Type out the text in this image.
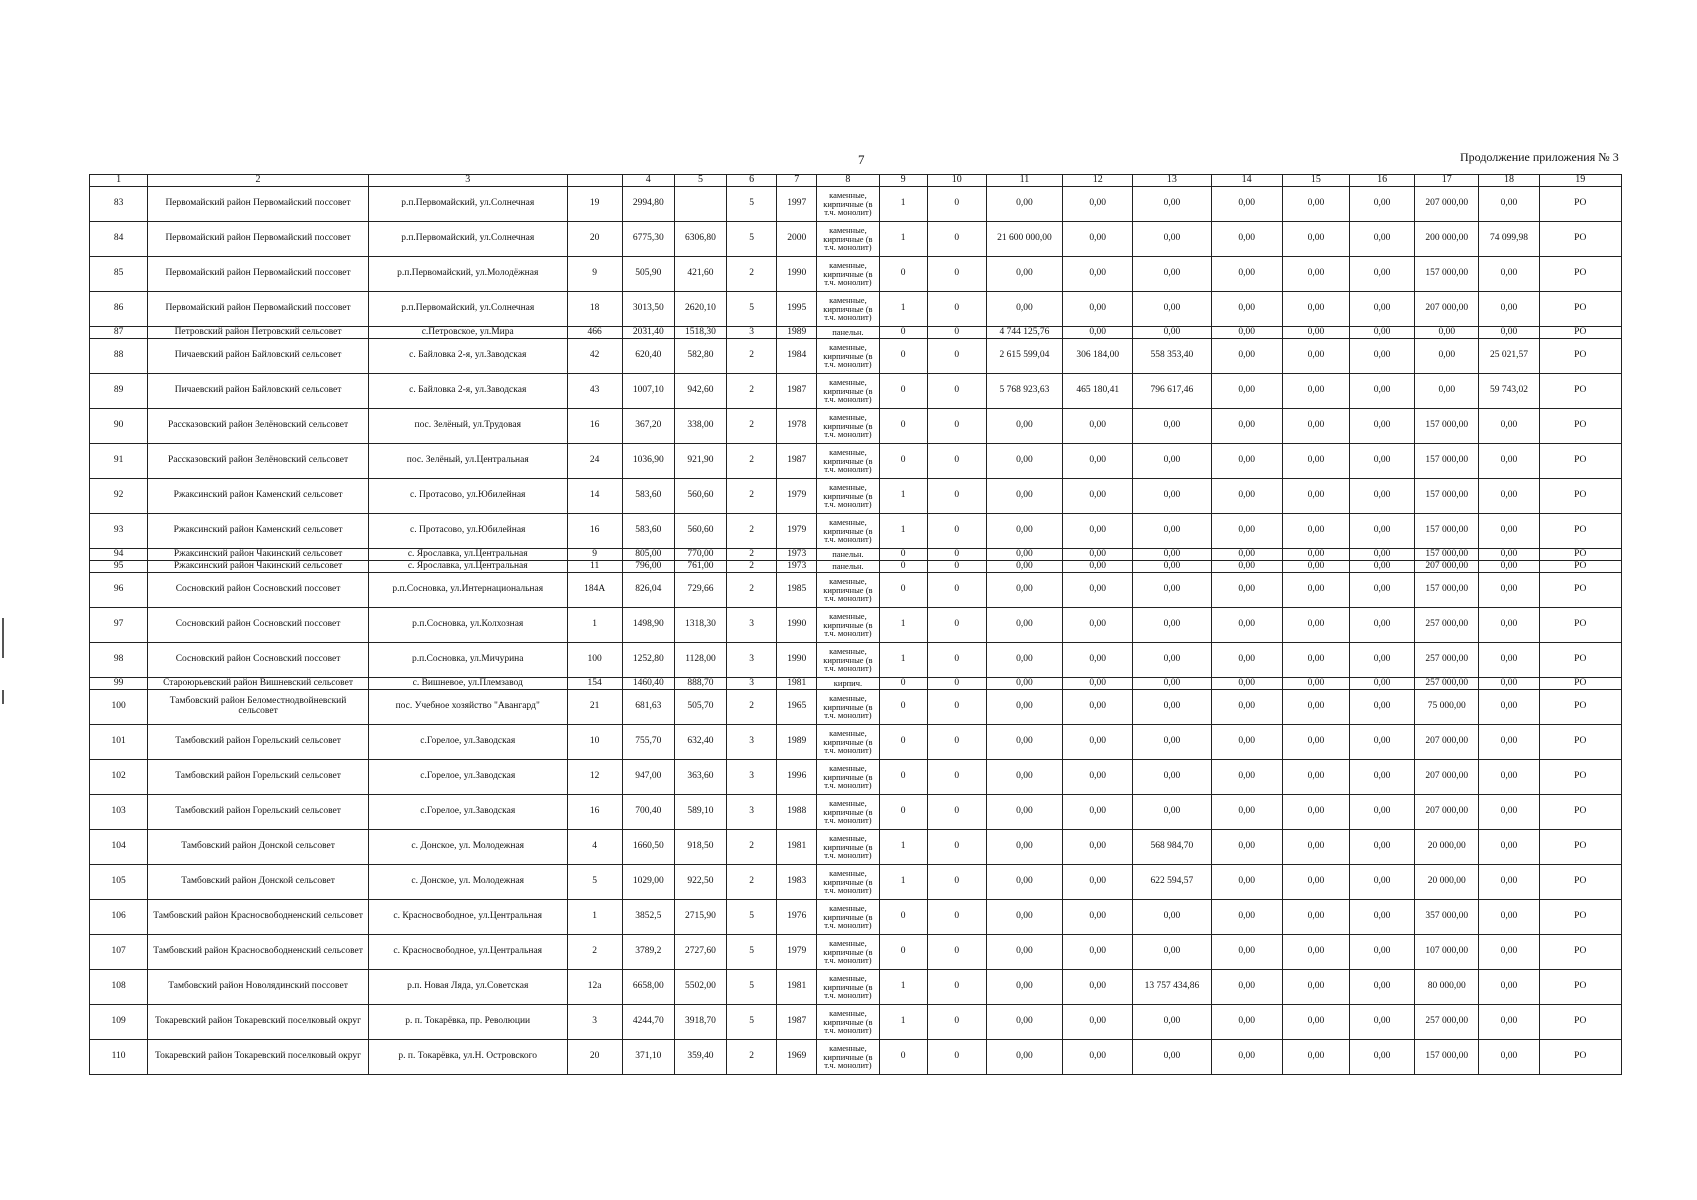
7	Продолжение приложения № 3
1	2	3		4	5	6	7	8	9	10	11	12	13	14	15	16	17	18	19
83	Первомайский район Первомайский поссовет	р.п.Первомайский, ул.Солнечная	19	2994,80		5	1997	каменные, кирпичные (в т.ч. монолит)	1	0	0,00	0,00	0,00	0,00	0,00	0,00	207 000,00	0,00	РО
84	Первомайский район Первомайский поссовет	р.п.Первомайский, ул.Солнечная	20	6775,30	6306,80	5	2000	каменные, кирпичные (в т.ч. монолит)	1	0	21 600 000,00	0,00	0,00	0,00	0,00	0,00	200 000,00	74 099,98	РО
85	Первомайский район Первомайский поссовет	р.п.Первомайский, ул.Молодёжная	9	505,90	421,60	2	1990	каменные, кирпичные (в т.ч. монолит)	0	0	0,00	0,00	0,00	0,00	0,00	0,00	157 000,00	0,00	РО
86	Первомайский район Первомайский поссовет	р.п.Первомайский, ул.Солнечная	18	3013,50	2620,10	5	1995	каменные, кирпичные (в т.ч. монолит)	1	0	0,00	0,00	0,00	0,00	0,00	0,00	207 000,00	0,00	РО
87	Петровский район Петровский сельсовет	с.Петровское, ул.Мира	466	2031,40	1518,30	3	1989	панельн.	0	0	4 744 125,76	0,00	0,00	0,00	0,00	0,00	0,00	0,00	РО
88	Пичаевский район Байловский сельсовет	с. Байловка 2-я, ул.Заводская	42	620,40	582,80	2	1984	каменные, кирпичные (в т.ч. монолит)	0	0	2 615 599,04	306 184,00	558 353,40	0,00	0,00	0,00	0,00	25 021,57	РО
89	Пичаевский район Байловский сельсовет	с. Байловка 2-я, ул.Заводская	43	1007,10	942,60	2	1987	каменные, кирпичные (в т.ч. монолит)	0	0	5 768 923,63	465 180,41	796 617,46	0,00	0,00	0,00	0,00	59 743,02	РО
90	Рассказовский район Зелёновский сельсовет	пос. Зелёный, ул.Трудовая	16	367,20	338,00	2	1978	каменные, кирпичные (в т.ч. монолит)	0	0	0,00	0,00	0,00	0,00	0,00	0,00	157 000,00	0,00	РО
91	Рассказовский район Зелёновский сельсовет	пос. Зелёный, ул.Центральная	24	1036,90	921,90	2	1987	каменные, кирпичные (в т.ч. монолит)	0	0	0,00	0,00	0,00	0,00	0,00	0,00	157 000,00	0,00	РО
92	Ржаксинский район Каменский сельсовет	с. Протасово, ул.Юбилейная	14	583,60	560,60	2	1979	каменные, кирпичные (в т.ч. монолит)	1	0	0,00	0,00	0,00	0,00	0,00	0,00	157 000,00	0,00	РО
93	Ржаксинский район Каменский сельсовет	с. Протасово, ул.Юбилейная	16	583,60	560,60	2	1979	каменные, кирпичные (в т.ч. монолит)	1	0	0,00	0,00	0,00	0,00	0,00	0,00	157 000,00	0,00	РО
94	Ржаксинский район Чакинский сельсовет	с. Ярославка, ул.Центральная	9	805,00	770,00	2	1973	панельн.	0	0	0,00	0,00	0,00	0,00	0,00	0,00	157 000,00	0,00	РО
95	Ржаксинский район Чакинский сельсовет	с. Ярославка, ул.Центральная	11	796,00	761,00	2	1973	панельн.	0	0	0,00	0,00	0,00	0,00	0,00	0,00	207 000,00	0,00	РО
96	Сосновский район Сосновский поссовет	р.п.Сосновка, ул.Интернациональная	184А	826,04	729,66	2	1985	каменные, кирпичные (в т.ч. монолит)	0	0	0,00	0,00	0,00	0,00	0,00	0,00	157 000,00	0,00	РО
97	Сосновский район Сосновский поссовет	р.п.Сосновка, ул.Колхозная	1	1498,90	1318,30	3	1990	каменные, кирпичные (в т.ч. монолит)	1	0	0,00	0,00	0,00	0,00	0,00	0,00	257 000,00	0,00	РО
98	Сосновский район Сосновский поссовет	р.п.Сосновка, ул.Мичурина	100	1252,80	1128,00	3	1990	каменные, кирпичные (в т.ч. монолит)	1	0	0,00	0,00	0,00	0,00	0,00	0,00	257 000,00	0,00	РО
99	Староюрьевский район Вишневский сельсовет	с. Вишневое, ул.Племзавод	154	1460,40	888,70	3	1981	кирпич.	0	0	0,00	0,00	0,00	0,00	0,00	0,00	257 000,00	0,00	РО
100	Тамбовский район Беломестнодвойневский сельсовет	пос. Учебное хозяйство "Авангард"	21	681,63	505,70	2	1965	каменные, кирпичные (в т.ч. монолит)	0	0	0,00	0,00	0,00	0,00	0,00	0,00	75 000,00	0,00	РО
101	Тамбовский район Горельский сельсовет	с.Горелое, ул.Заводская	10	755,70	632,40	3	1989	каменные, кирпичные (в т.ч. монолит)	0	0	0,00	0,00	0,00	0,00	0,00	0,00	207 000,00	0,00	РО
102	Тамбовский район Горельский сельсовет	с.Горелое, ул.Заводская	12	947,00	363,60	3	1996	каменные, кирпичные (в т.ч. монолит)	0	0	0,00	0,00	0,00	0,00	0,00	0,00	207 000,00	0,00	РО
103	Тамбовский район Горельский сельсовет	с.Горелое, ул.Заводская	16	700,40	589,10	3	1988	каменные, кирпичные (в т.ч. монолит)	0	0	0,00	0,00	0,00	0,00	0,00	0,00	207 000,00	0,00	РО
104	Тамбовский район Донской сельсовет	с. Донское, ул. Молодежная	4	1660,50	918,50	2	1981	каменные, кирпичные (в т.ч. монолит)	1	0	0,00	0,00	568 984,70	0,00	0,00	0,00	20 000,00	0,00	РО
105	Тамбовский район Донской сельсовет	с. Донское, ул. Молодежная	5	1029,00	922,50	2	1983	каменные, кирпичные (в т.ч. монолит)	1	0	0,00	0,00	622 594,57	0,00	0,00	0,00	20 000,00	0,00	РО
106	Тамбовский район Красносвободненский сельсовет	с. Красносвободное, ул.Центральная	1	3852,5	2715,90	5	1976	каменные, кирпичные (в т.ч. монолит)	0	0	0,00	0,00	0,00	0,00	0,00	0,00	357 000,00	0,00	РО
107	Тамбовский район Красносвободненский сельсовет	с. Красносвободное, ул.Центральная	2	3789,2	2727,60	5	1979	каменные, кирпичные (в т.ч. монолит)	0	0	0,00	0,00	0,00	0,00	0,00	0,00	107 000,00	0,00	РО
108	Тамбовский район Новолядинский поссовет	р.п. Новая Ляда, ул.Советская	12а	6658,00	5502,00	5	1981	каменные, кирпичные (в т.ч. монолит)	1	0	0,00	0,00	13 757 434,86	0,00	0,00	0,00	80 000,00	0,00	РО
109	Токаревский район Токаревский поселковый округ	р. п. Токарёвка, пр. Революции	3	4244,70	3918,70	5	1987	каменные, кирпичные (в т.ч. монолит)	1	0	0,00	0,00	0,00	0,00	0,00	0,00	257 000,00	0,00	РО
110	Токаревский район Токаревский поселковый округ	р. п. Токарёвка, ул.Н. Островского	20	371,10	359,40	2	1969	каменные, кирпичные (в т.ч. монолит)	0	0	0,00	0,00	0,00	0,00	0,00	0,00	157 000,00	0,00	РО
